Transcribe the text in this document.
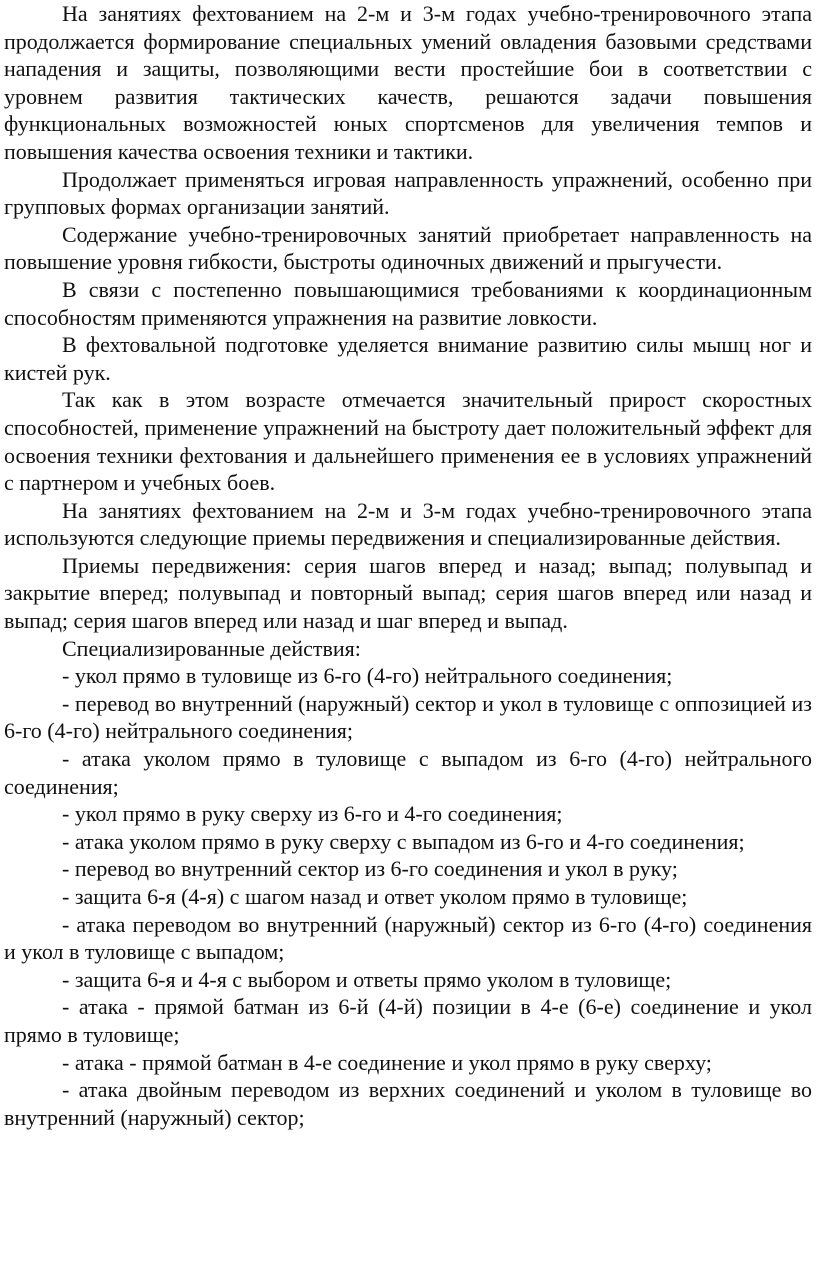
На занятиях фехтованием на 2-м и 3-м годах учебно-тренировочного этапа продолжается формирование специальных умений овладения базовыми средствами нападения и защиты, позволяющими вести простейшие бои в соответствии с уровнем развития тактических качеств, решаются задачи повышения функциональных возможностей юных спортсменов для увеличения темпов и повышения качества освоения техники и тактики.

Продолжает применяться игровая направленность упражнений, особенно при групповых формах организации занятий.

Содержание учебно-тренировочных занятий приобретает направленность на повышение уровня гибкости, быстроты одиночных движений и прыгучести.

В связи с постепенно повышающимися требованиями к координационным способностям применяются упражнения на развитие ловкости.

В фехтовальной подготовке уделяется внимание развитию силы мышц ног и кистей рук.

Так как в этом возрасте отмечается значительный прирост скоростных способностей, применение упражнений на быстроту дает положительный эффект для освоения техники фехтования и дальнейшего применения ее в условиях упражнений с партнером и учебных боев.

На занятиях фехтованием на 2-м и 3-м годах учебно-тренировочного этапа используются следующие приемы передвижения и специализированные действия.

Приемы передвижения: серия шагов вперед и назад; выпад; полувыпад и закрытие вперед; полувыпад и повторный выпад; серия шагов вперед или назад и выпад; серия шагов вперед или назад и шаг вперед и выпад.

Специализированные действия:

- укол прямо в туловище из 6-го (4-го) нейтрального соединения;

- перевод во внутренний (наружный) сектор и укол в туловище с оппозицией из 6-го (4-го) нейтрального соединения;

- атака уколом прямо в туловище с выпадом из 6-го (4-го) нейтрального соединения;

- укол прямо в руку сверху из 6-го и 4-го соединения;

- атака уколом прямо в руку сверху с выпадом из 6-го и 4-го соединения;

- перевод во внутренний сектор из 6-го соединения и укол в руку;

- защита 6-я (4-я) с шагом назад и ответ уколом прямо в туловище;

- атака переводом во внутренний (наружный) сектор из 6-го (4-го) соединения и укол в туловище с выпадом;

- защита 6-я и 4-я с выбором и ответы прямо уколом в туловище;

- атака - прямой батман из 6-й (4-й) позиции в 4-е (6-е) соединение и укол прямо в туловище;

- атака - прямой батман в 4-е соединение и укол прямо в руку сверху;

- атака двойным переводом из верхних соединений и уколом в туловище во внутренний (наружный) сектор;
